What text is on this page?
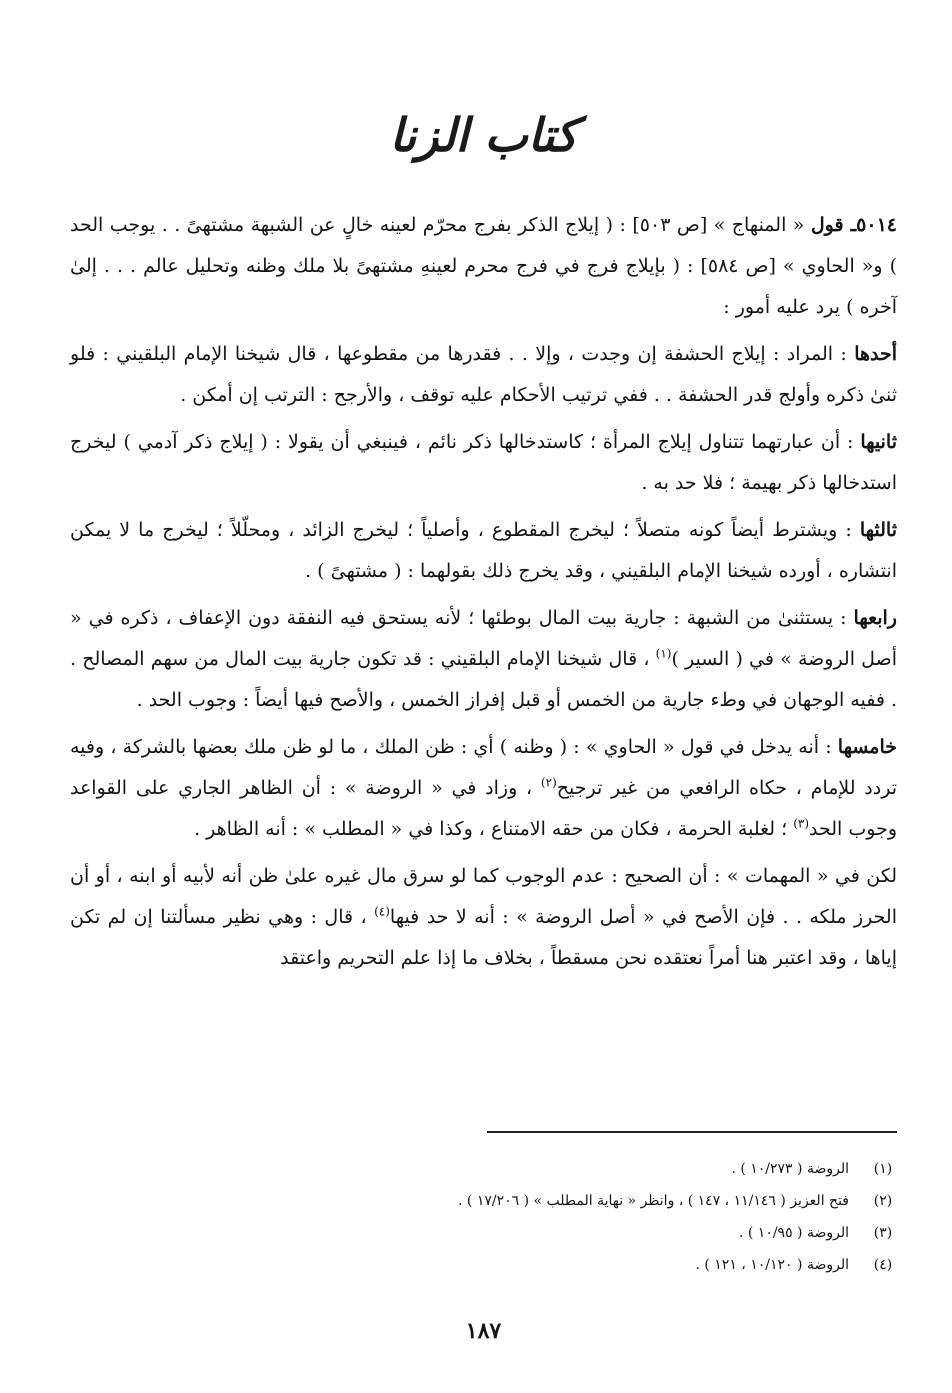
كتاب الزنا

٥٠١٤ـ قول « المنهاج » [ص ٥٠٣] : ( إيلاج الذكر بفرج محرّم لعينه خالٍ عن الشبهة مشتهىً . . يوجب الحد ) و« الحاوي » [ص ٥٨٤] : ( بإيلاج فرج في فرج محرم لعينهِ مشتهىً بلا ملك وظنه وتحليل عالم . . . إلىٰ آخره ) يرد عليه أمور :

أحدها : المراد : إيلاج الحشفة إن وجدت ، وإلا . . فقدرها من مقطوعها ، قال شيخنا الإمام البلقيني : فلو ثنىٰ ذكره وأولج قدر الحشفة . . ففي ترتيب الأحكام عليه توقف ، والأرجح : الترتب إن أمكن .

ثانيها : أن عبارتهما تتناول إيلاج المرأة ؛ كاستدخالها ذكر نائم ، فينبغي أن يقولا : ( إيلاج ذكر آدمي ) ليخرج استدخالها ذكر بهيمة ؛ فلا حد به .

ثالثها : ويشترط أيضاً كونه متصلاً ؛ ليخرج المقطوع ، وأصلياً ؛ ليخرج الزائد ، ومحلّلاً ؛ ليخرج ما لا يمكن انتشاره ، أورده شيخنا الإمام البلقيني ، وقد يخرج ذلك بقولهما : ( مشتهىً ) .

رابعها : يستثنىٰ من الشبهة : جارية بيت المال بوطئها ؛ لأنه يستحق فيه النفقة دون الإعفاف ، ذكره في « أصل الروضة » في ( السير )$^{(١)}$ ، قال شيخنا الإمام البلقيني : قد تكون جارية بيت المال من سهم المصالح . . ففيه الوجهان في وطء جارية من الخمس أو قبل إفراز الخمس ، والأصح فيها أيضاً : وجوب الحد .

خامسها : أنه يدخل في قول « الحاوي » : ( وظنه ) أي : ظن الملك ، ما لو ظن ملك بعضها بالشركة ، وفيه تردد للإمام ، حكاه الرافعي من غير ترجيح$^{(٢)}$ ، وزاد في « الروضة » : أن الظاهر الجاري على القواعد وجوب الحد$^{(٣)}$ ؛ لغلبة الحرمة ، فكان من حقه الامتناع ، وكذا في « المطلب » : أنه الظاهر .

لكن في « المهمات » : أن الصحيح : عدم الوجوب كما لو سرق مال غيره علىٰ ظن أنه لأبيه أو ابنه ، أو أن الحرز ملكه . . فإن الأصح في « أصل الروضة » : أنه لا حد فيها$^{(٤)}$ ، قال : وهي نظير مسألتنا إن لم تكن إياها ، وقد اعتبر هنا أمراً نعتقده نحن مسقطاً ، بخلاف ما إذا علم التحريم واعتقد

(١)
الروضة ( ١٠/٢٧٣ ) .
(٢)
فتح العزيز ( ١١/١٤٦ ، ١٤٧ ) ، وانظر « نهاية المطلب » ( ١٧/٢٠٦ ) .
(٣)
الروضة ( ١٠/٩٥ ) .
(٤)
الروضة ( ١٠/١٢٠ ، ١٢١ ) .
١٨٧
